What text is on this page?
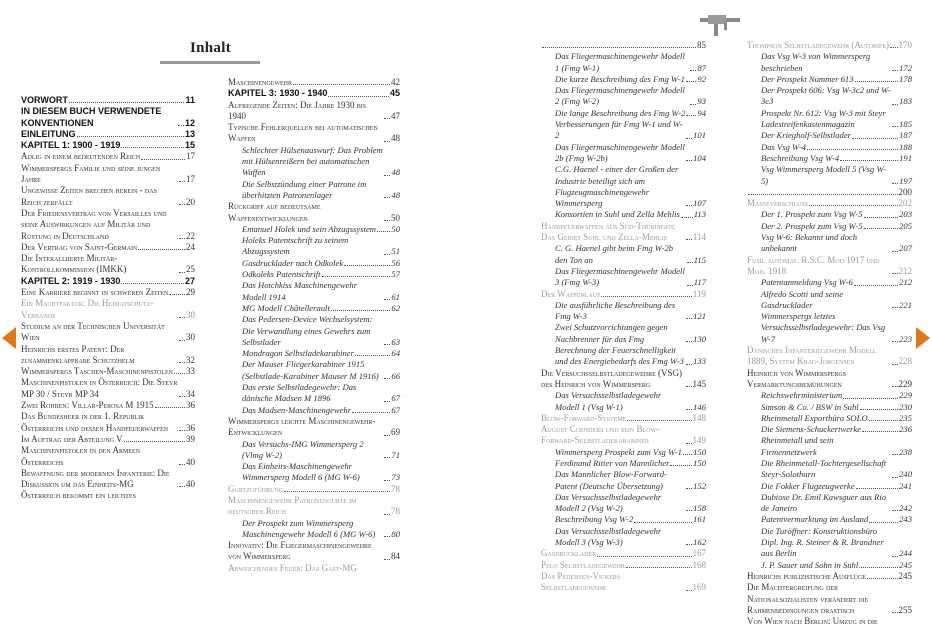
Inhalt
VORWORT	11
IN DIESEM BUCH VERWENDETE KONVENTIONEN	12
EINLEITUNG	13
KAPITEL 1: 1900 - 1919	15
Adlig in einem bedeutenden Reich	17
Wimmerspergs Familie und seine jungen Jahre	17
Ungewisse Zeiten brechen herein - das Reich zerfällt	20
Der Friedensvertrag von Versailles und seine Auswirkungen auf Militär und Rüstung in Deutschland	22
Der Vertrag von Saint-Germain	24
Die Interalliierte Militär-Kontrollkommission (IMKK)	25
KAPITEL 2: 1919 - 1930	27
Eine Karriere beginnt in schweren Zeiten 29
Ein Machtfaktor: Die Heimatschutz-Verbände	30
Studium an der Technischen Universität Wien	30
Heinrichs erstes Patent: Der zusammenklappbare Schutzhelm	32
Wimmerspergs Taschen-Maschinenpistolen 33
Maschinenpistolen in Österreich: Die Steyr MP 30 / Steyr MP 34	34
Zwei Rohren: Villar-Perosa M 1915	36
Das Bundesheer in der 1. Republik Österreichs und dessen Handfeuerwaffen	36
Im Auftrag der Abteilung V	39
Maschinenpistolen in den Armeen Österreichs	40
Bewaffnung der modernen Infanterie: Die Diskussion um das Einheits-MG	40
Österreich bekommt ein leichtes
Maschinengewehr	42
KAPITEL 3: 1930 - 1940	45
Aufregende Zeiten: Die Jahre 1930 bis 1940	47
Typische Fehlerquellen bei automatischen Waffen	48
Schlechter Hülsenauswurf: Das Problem mit Hülsenreißern bei automatischen Waffen	48
Die Selbstzündung einer Patrone im überhitzten Patronenlager	48
Rückgriff auf bedeutsame Waffenentwicklungen	50
Emanuel Holek und sein Abzugssystem 50
Holeks Patentschrift zu seinem Abzugssystem	51
Gasdrucklader nach Odkolek	56
Odkoleks Patentschrift	57
Das Hotchkiss Maschinengewehr Modell 1914	61
MG Modell Châtellerault	62
Das Pedersen-Device Wechselsystem: Die Verwandlung eines Gewehrs zum Selbstlader	63
Mondragon Selbstladekarabiner	64
Der Mauser Fliegerkarabiner 1915 (Selbstlade-Karabiner Mauser M 1916)	66
Das erste Selbstladegewehr: Das dänische Madsen M 1896	67
Das Madsen-Maschinengewehr	67
Wimmerspergs leichte Maschinengewehr-Entwicklungen	69
Das Versuchs-IMG Wimmersperg 2 (Vlmg W-2)	71
Das Einheits-Maschinengewehr Wimmersperg Modell 6 (MG W-6)	73
Gurtzuführung	78
Maschinengewehr Patronengurte im deutschen Reich	78
Der Prospekt zum Wimmersperg Maschinengewehr Modell 6 (MG W-6)	80
Innovativ: Die Fliegermaschinengewehre von Wimmersperg	84
Abweichendes Feuer: Das Gast-MG
85
Das Fliegermaschinengewehr Modell 1 (Fmg W-1)	87
Die kurze Beschreibung des Fmg W-1 92
Das Fliegermaschinengewehr Modell 2 (Fmg W-2)	93
Die lange Beschreibung des Fmg W-2 94
Verbesserungen für Fmg W-1 und W-2	101
Das Fliegermaschinengewehr Modell 2b (Fmg W-2b)	104
C.G. Haenel - einer der Großen der Industrie beteiligt sich am Flugzeugmaschinengewehr Wimmersperg	107
Konsortien in Suhl und Zella Mehlis 113
Handfeuerwaffen aus Süd-Thüringen: Das Gebiet Suhl und Zella-Mehlis	114
C. G. Haenel gibt beim Fmg W-2b den Ton an	115
Das Fliegermaschinengewehr Modell 3 (Fmg W-3)	117
Der Waffenlauf	119
Die ausführliche Beschreibung des Fmg W-3	121
Zwei Schutzvorrichtungen gegen Nachbrenner für das Fmg	130
Berechnung der Feuerschnelligkeit und des Energiebedarfs des Fmg W-3 133
Die Versuchsselbstladegewehre (VSG) des Heinrich von Wimmersperg	145
Das Versuchsselbstladegewehr Modell 1 (Vsg W-1)	146
Blow-Forward-Systeme	148
August Coenders und sein Blow-Forward-Selbstladekarabiner	149
Wimmersperg Prospekt zum Vsg W-1 150
Ferdinand Ritter von Mannlicher	150
Das Mannlicher Blow-Forward-Patent (Deutsche Übersetzung)	152
Das Versuchsselbstladegewehr Modell 2 (Vsg W-2)	158
Beschreibung Vsg W-2	161
Das Versuchsselbstladegewehr Modell 3 (Vsg W-3)	162
Gasdrucklader	167
Pelo Selbstladegewehr	168
Das Pedersen-Vickers Selbstladegewehr	169
Thompson Selbstladegewehr (Autorife) 170
Das Vsg W-3 von Wimmersperg beschrieben	172
Der Prospekt Nummer 613	178
Der Prospekt 606: Vsg W-3c2 und W-3c3	183
Prospekt Nr. 612: Vsg W-3 mit Steyr Ladestreifenkastenmagazin	185
Der Kriegholf-Selbstlader	187
Das Vsg W-4	188
Beschreibung Vsg W-4	191
Vsg Wimmersperg Modell 5 (Vsg W-5)	197
200
Masseverschluss	202
Der 1. Prospekt zum Vsg W-5	203
Der 2. Prospekt zum Vsg W-5	205
Vsg W-6: Bekannt und doch unbekannt	207
Fusil automat. R.S.C. Mod 1917 und Mod. 1918	212
Patentanmeldung Vsg W-6	212
Alfredo Scotti und seine Gasdrucklader	221
Wimmerspergs letztes Versuchsselbstladegewehr: Das Vsg W-7	223
Dänisches Infanteriegewehr Modell 1889, System Krag-Jorgensen	228
Heinrich von Wimmerspergs Vermarktungsbemühungen	229
Reichswehrministerium	229
Simson & Co. / BSW in Suhl	230
Rheinmetall Exportbüro SOLO	235
Die Siemens-Schuckertwerke	236
Rheinmetall und sein Firmennetzwerk	238
Die Rheinmetall-Tochtergesellschaft Steyr-Solothurn	240
Die Fokker Flugzeugwerke	241
Dubiose Dr. Emil Kawsguer aus Rio de Janeiro	242
Patentvermarktung im Ausland	243
Die Turöffner: Konstruktionsbüro Dipl. Ing. R. Steiner & R. Brandner aus Berlin	244
J. P. Sauer und Sohn in Suhl	245
Heinrichs publizistische Ausflüge	245
Die Machtergreifung der Nationalsozialisten verändert die Rahmenbedingungen drastisch	255
Von Wien nach Berlin: Umzug in die
